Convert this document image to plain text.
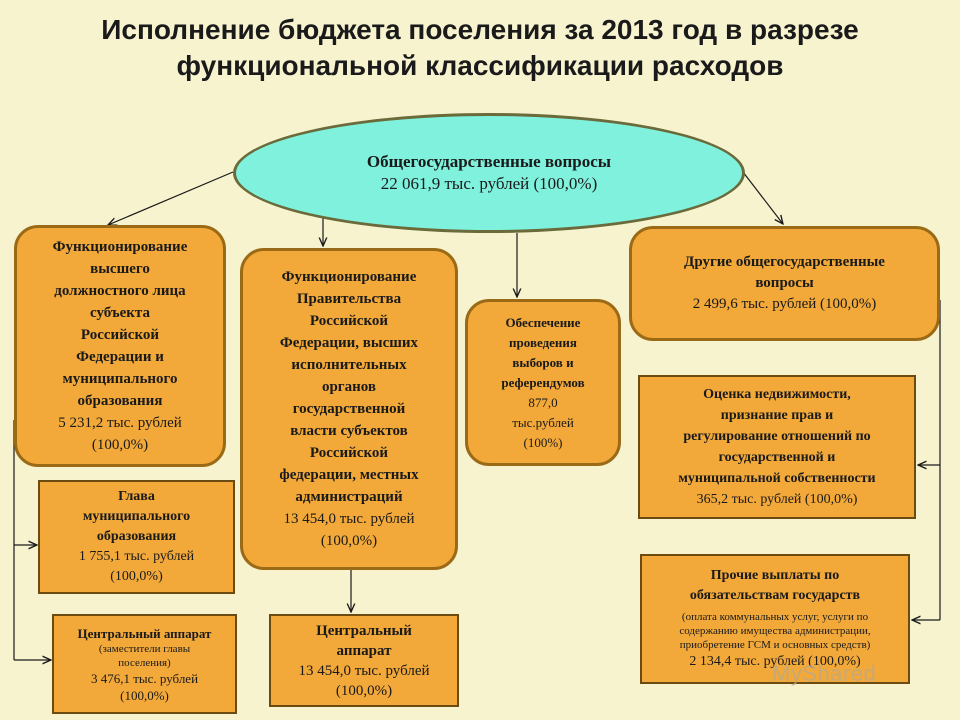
Исполнение бюджета поселения за 2013 год в разрезе
функциональной классификации расходов
Общегосударственные вопросы
22 061,9 тыс. рублей (100,0%)
Функционирование
высшего
должностного лица
субъекта
Российской
Федерации и
муниципального
образования
5 231,2 тыс. рублей
(100,0%)
Функционирование
Правительства
Российской
Федерации, высших
исполнительных
органов
государственной
власти субъектов
Российской
федерации, местных
администраций
13 454,0 тыс. рублей
(100,0%)
Обеспечение
проведения
выборов и
референдумов
877,0
тыс.рублей
(100%)
Другие общегосударственные
вопросы
2 499,6 тыс. рублей (100,0%)
Глава
муниципального
образования
1 755,1 тыс. рублей
(100,0%)
Центральный аппарат
(заместители главы
поселения)
3 476,1 тыс. рублей
(100,0%)
Центральный
аппарат
13 454,0 тыс. рублей
(100,0%)
Оценка недвижимости,
признание прав и
регулирование отношений по
государственной и
муниципальной собственности
365,2 тыс. рублей (100,0%)
Прочие выплаты по
обязательствам государств
(оплата коммунальных услуг, услуги по
содержанию имущества администрации,
приобретение ГСМ и основных средств)
2 134,4 тыс. рублей (100,0%)
MyShared
